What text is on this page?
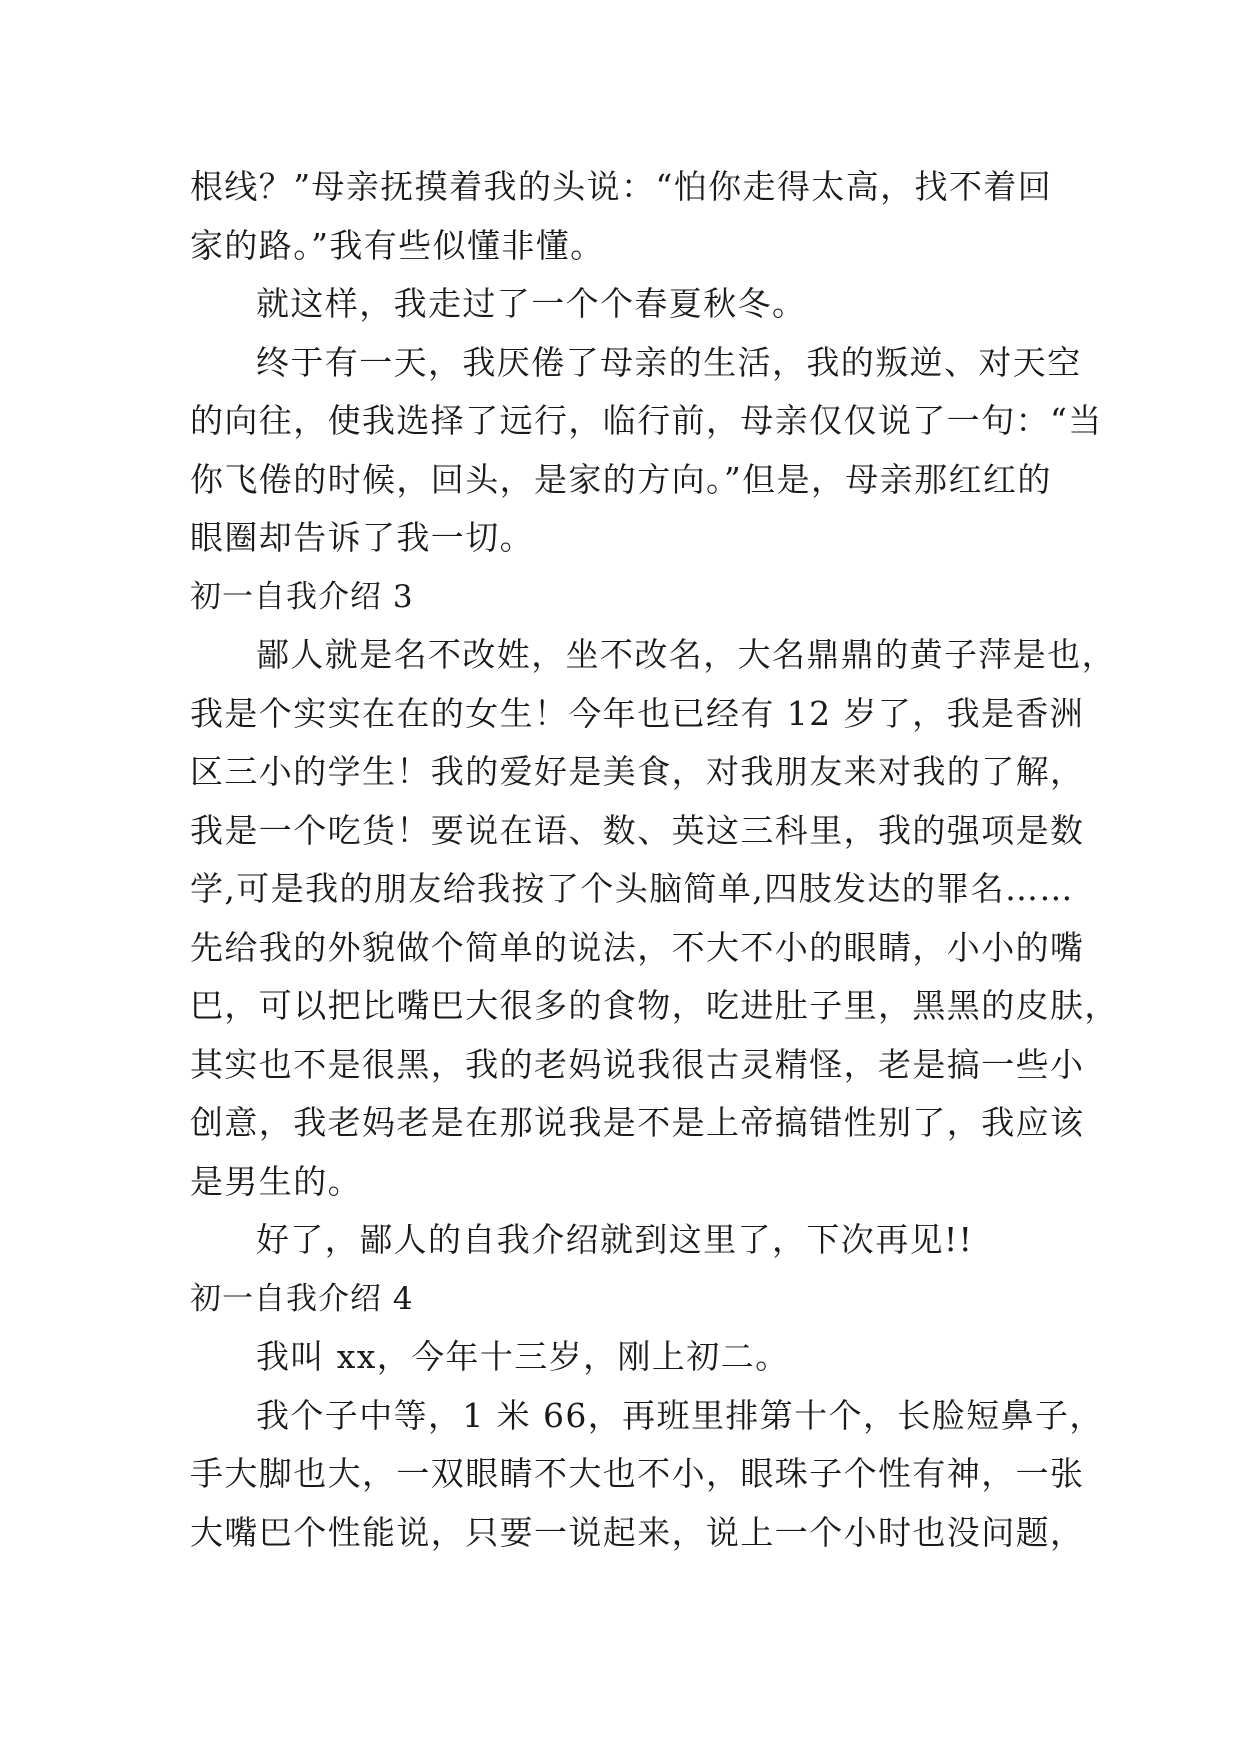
根线？”母亲抚摸着我的头说：“怕你走得太高，找不着回
家的路。”我有些似懂非懂。
就这样，我走过了一个个春夏秋冬。
终于有一天，我厌倦了母亲的生活，我的叛逆、对天空
的向往，使我选择了远行，临行前，母亲仅仅说了一句：“当
你飞倦的时候，回头，是家的方向。”但是，母亲那红红的
眼圈却告诉了我一切。
初一自我介绍 3
鄙人就是名不改姓，坐不改名，大名鼎鼎的黄子萍是也，
我是个实实在在的女生！今年也已经有 12 岁了，我是香洲
区三小的学生！我的爱好是美食，对我朋友来对我的了解，
我是一个吃货！要说在语、数、英这三科里，我的强项是数
学,可是我的朋友给我按了个头脑简单,四肢发达的罪名……
先给我的外貌做个简单的说法，不大不小的眼睛，小小的嘴
巴，可以把比嘴巴大很多的食物，吃进肚子里，黑黑的皮肤，
其实也不是很黑，我的老妈说我很古灵精怪，老是搞一些小
创意，我老妈老是在那说我是不是上帝搞错性别了，我应该
是男生的。
好了，鄙人的自我介绍就到这里了，下次再见!!
初一自我介绍 4
我叫 xx，今年十三岁，刚上初二。
我个子中等，1 米 66，再班里排第十个，长脸短鼻子，
手大脚也大，一双眼睛不大也不小，眼珠子个性有神，一张
大嘴巴个性能说，只要一说起来，说上一个小时也没问题，
